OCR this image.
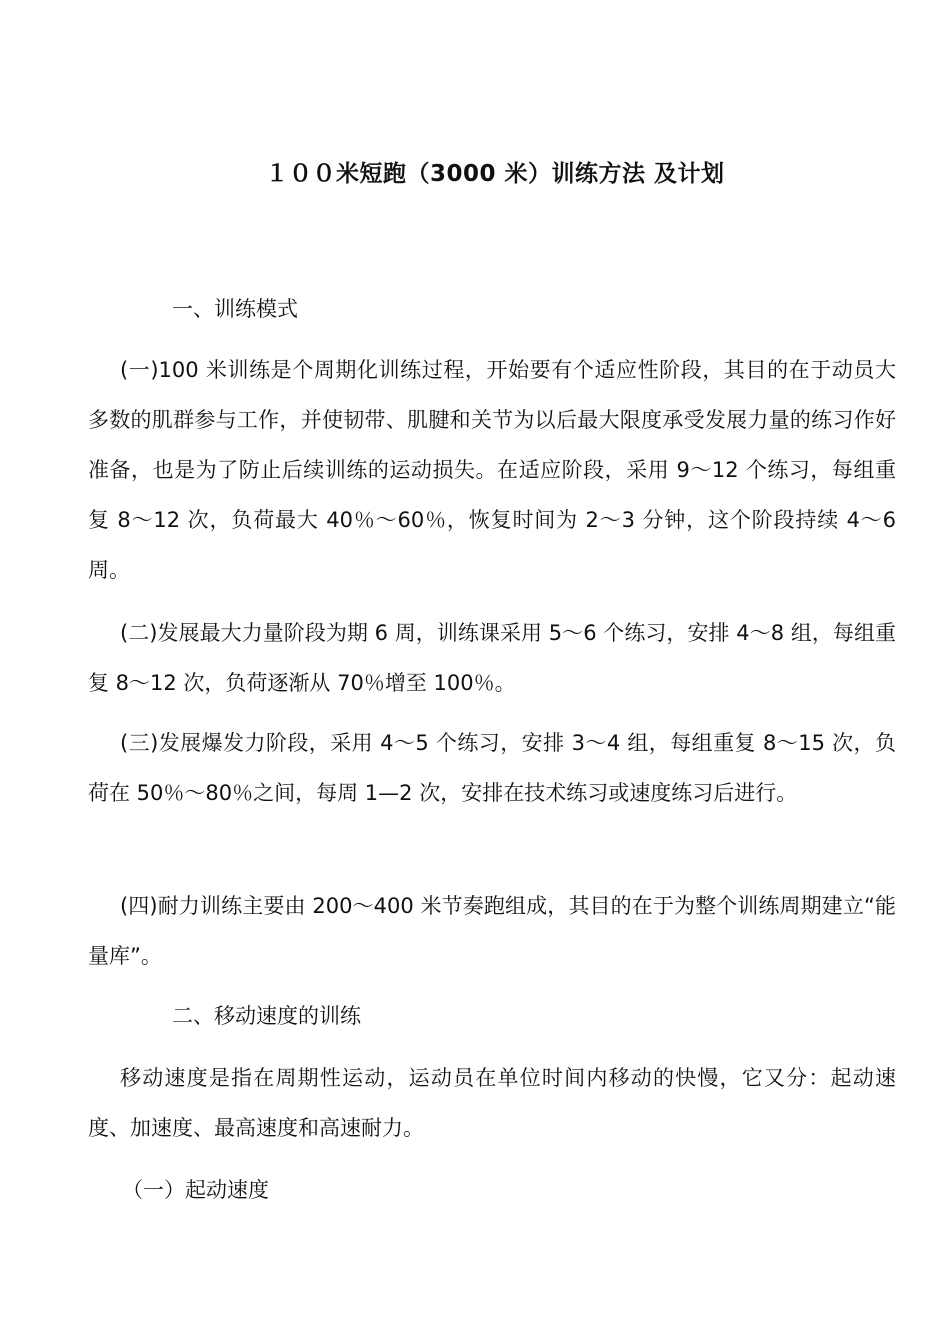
１００米短跑（3000 米）训练方法 及计划
一、训练模式

(一)100 米训练是个周期化训练过程，开始要有个适应性阶段，其目的在于动员大多数的肌群参与工作，并使韧带、肌腱和关节为以后最大限度承受发展力量的练习作好准备，也是为了防止后续训练的运动损失。在适应阶段，采用 9～12 个练习，每组重复 8～12 次，负荷最大 40％～60％，恢复时间为 2～3 分钟，这个阶段持续 4～6 周。

(二)发展最大力量阶段为期 6 周，训练课采用 5～6 个练习，安排 4～8 组，每组重复 8～12 次，负荷逐渐从 70％增至 100％。

(三)发展爆发力阶段，采用 4～5 个练习，安排 3～4 组，每组重复 8～15 次，负荷在 50％～80％之间，每周 1—2 次，安排在技术练习或速度练习后进行。

(四)耐力训练主要由 200～400 米节奏跑组成，其目的在于为整个训练周期建立“能量库”。

二、移动速度的训练

移动速度是指在周期性运动，运动员在单位时间内移动的快慢，它又分：起动速度、加速度、最高速度和高速耐力。

（一）起动速度
